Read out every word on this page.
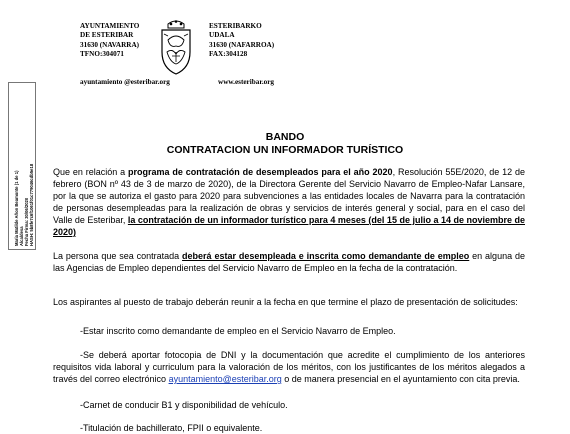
AYUNTAMIENTO
DE ESTERIBAR
31630 (NAVARRA)
TFNO:304071
ESTERIBARKO
UDALA
31630 (NAFARROA)
FAX:304128
ayuntamiento @esteribar.org	www.esteribar.org
Maria Matilde Añon Beamonte (1 de 1) Alcaldesa Fecha Firma: 30/06/2020 HASH: 5b8fe7c6f1061f01c779046cdb5e18
BANDO
CONTRATACION UN INFORMADOR TURÍSTICO

Que en relación a programa de contratación de desempleados para el año 2020, Resolución 55E/2020, de 12 de febrero (BON nº 43 de 3 de marzo de 2020), de la Directora Gerente del Servicio Navarro de Empleo-Nafar Lansare, por la que se autoriza el gasto para 2020 para subvenciones a las entidades locales de Navarra para la contratación de personas desempleadas para la realización de obras y servicios de interés general y social, para en el caso del Valle de Esteribar, la contratación de un informador turístico para 4 meses (del 15 de julio a 14 de noviembre de 2020)

La persona que sea contratada deberá estar desempleada e inscrita como demandante de empleo en alguna de las Agencias de Empleo dependientes del Servicio Navarro de Empleo en la fecha de la contratación.

Los aspirantes al puesto de trabajo deberán reunir a la fecha en que termine el plazo de presentación de solicitudes:

-Estar inscrito como demandante de empleo en el Servicio Navarro de Empleo.

-Se deberá aportar fotocopia de DNI y la documentación que acredite el cumplimiento de los anteriores requisitos vida laboral y curriculum para la valoración de los méritos, con los justificantes de los méritos alegados a través del correo electrónico ayuntamiento@esteribar.org o de manera presencial en el ayuntamiento con cita previa.

-Carnet de conducir B1 y disponibilidad de vehículo.

-Titulación de bachillerato, FPII o equivalente.
